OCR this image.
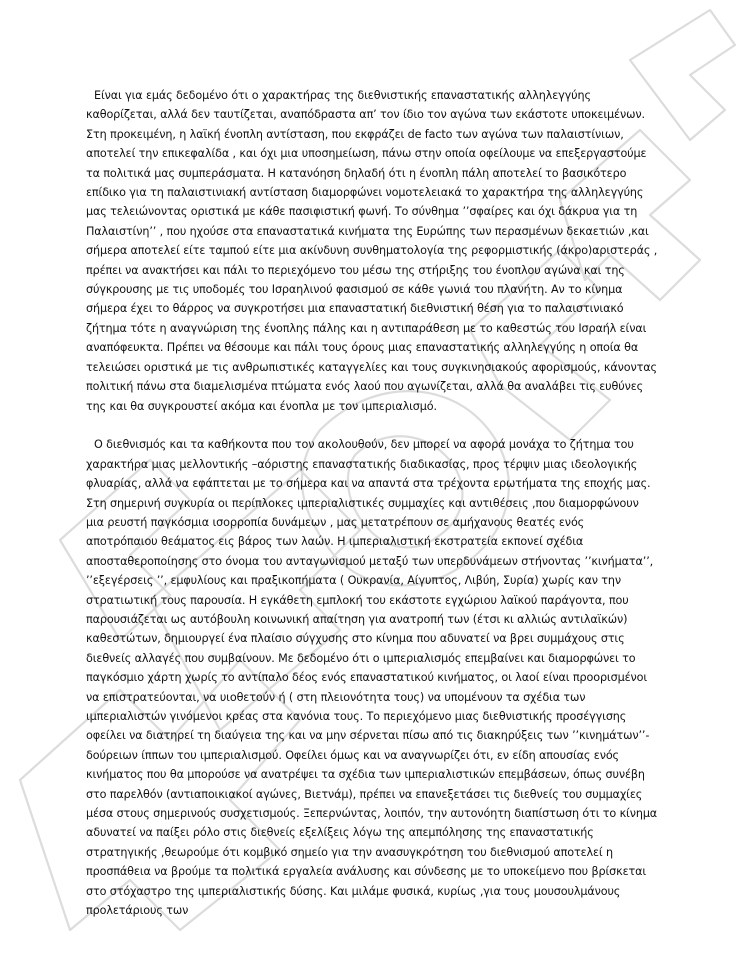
Είναι για εμάς δεδομένο ότι ο χαρακτήρας της διεθνιστικής επαναστατικής αλληλεγγύης καθορίζεται, αλλά δεν ταυτίζεται, αναπόδραστα απ’ τον ίδιο τον αγώνα των εκάστοτε υποκειμένων. Στη προκειμένη, η λαϊκή ένοπλη αντίσταση, που εκφράζει de facto των αγώνα των παλαιστίνιων, αποτελεί την επικεφαλίδα , και όχι μια υποσημείωση, πάνω στην οποία οφείλουμε να επεξεργαστούμε τα πολιτικά μας συμπεράσματα. Η κατανόηση δηλαδή ότι η ένοπλη πάλη αποτελεί το βασικότερο επίδικο για τη παλαιστινιακή αντίσταση διαμορφώνει νομοτελειακά το χαρακτήρα της αλληλεγγύης μας τελειώνοντας οριστικά με κάθε πασιφιστική φωνή. Το σύνθημα ’’σφαίρες και όχι δάκρυα για τη Παλαιστίνη’’ , που ηχούσε στα επαναστατικά κινήματα της Ευρώπης των περασμένων δεκαετιών ,και σήμερα αποτελεί είτε ταμπού είτε μια ακίνδυνη συνθηματολογία της ρεφορμιστικής (άκρο)αριστεράς , πρέπει να ανακτήσει και πάλι το περιεχόμενο του μέσω της στήριξης του ένοπλου αγώνα και της σύγκρουσης με τις υποδομές του Ισραηλινού φασισμού σε κάθε γωνιά του πλανήτη. Αν το κίνημα σήμερα έχει το θάρρος να συγκροτήσει μια επαναστατική διεθνιστική θέση για το παλαιστινιακό ζήτημα τότε η αναγνώριση της ένοπλης πάλης και η αντιπαράθεση με το καθεστώς του Ισραήλ είναι αναπόφευκτα. Πρέπει να θέσουμε και πάλι τους όρους μιας επαναστατικής αλληλεγγύης η οποία θα τελειώσει οριστικά με τις ανθρωπιστικές καταγγελίες και τους συγκινησιακούς αφορισμούς, κάνοντας πολιτική πάνω στα διαμελισμένα πτώματα ενός λαού που αγωνίζεται, αλλά θα αναλάβει τις ευθύνες της και θα συγκρουστεί ακόμα και ένοπλα με τον ιμπεριαλισμό.

Ο διεθνισμός και τα καθήκοντα που τον ακολουθούν, δεν μπορεί να αφορά μονάχα το ζήτημα του χαρακτήρα μιας μελλοντικής –αόριστης επαναστατικής διαδικασίας, προς τέρψιν μιας ιδεολογικής φλυαρίας, αλλά να εφάπτεται με το σήμερα και να απαντά στα τρέχοντα ερωτήματα της εποχής μας. Στη σημερινή συγκυρία οι περίπλοκες ιμπεριαλιστικές συμμαχίες και αντιθέσεις ,που διαμορφώνουν μια ρευστή παγκόσμια ισορροπία δυνάμεων , μας μετατρέπουν σε αμήχανους θεατές ενός αποτρόπαιου θεάματος εις βάρος των λαών. Η ιμπεριαλιστική εκστρατεία εκπονεί σχέδια αποσταθεροποίησης στο όνομα του ανταγωνισμού μεταξύ των υπερδυνάμεων στήνοντας ’’κινήματα’’, ’’εξεγέρσεις ’’, εμφυλίους και πραξικοπήματα ( Ουκρανία, Αίγυπτος, Λιβύη, Συρία) χωρίς καν την στρατιωτική τους παρουσία. Η εγκάθετη εμπλοκή του εκάστοτε εγχώριου λαϊκού παράγοντα, που παρουσιάζεται ως αυτόβουλη κοινωνική απαίτηση για ανατροπή των (έτσι κι αλλιώς αντιλαϊκών) καθεστώτων, δημιουργεί ένα πλαίσιο σύγχυσης στο κίνημα που αδυνατεί να βρει συμμάχους στις διεθνείς αλλαγές που συμβαίνουν. Με δεδομένο ότι ο ιμπεριαλισμός επεμβαίνει και διαμορφώνει το παγκόσμιο χάρτη χωρίς το αντίπαλο δέος ενός επαναστατικού κινήματος, οι λαοί είναι προορισμένοι να επιστρατεύονται, να υιοθετούν ή ( στη πλειονότητα τους) να υπομένουν τα σχέδια των ιμπεριαλιστών γινόμενοι κρέας στα κανόνια τους. Το περιεχόμενο μιας διεθνιστικής προσέγγισης οφείλει να διατηρεί τη διαύγεια της και να μην σέρνεται πίσω από τις διακηρύξεις των ’’κινημάτων’’-δούρειων ίππων του ιμπεριαλισμού. Οφείλει όμως και να αναγνωρίζει ότι, εν είδη απουσίας ενός κινήματος που θα μπορούσε να ανατρέψει τα σχέδια των ιμπεριαλιστικών επεμβάσεων, όπως συνέβη στο παρελθόν (αντιαποικιακοί αγώνες, Βιετνάμ), πρέπει να επανεξετάσει τις διεθνείς του συμμαχίες μέσα στους σημερινούς συσχετισμούς. Ξεπερνώντας, λοιπόν, την αυτονόητη διαπίστωση ότι το κίνημα αδυνατεί να παίξει ρόλο στις διεθνείς εξελίξεις λόγω της απεμπόλησης της επαναστατικής στρατηγικής ,θεωρούμε ότι κομβικό σημείο για την ανασυγκρότηση του διεθνισμού αποτελεί η προσπάθεια να βρούμε τα πολιτικά εργαλεία ανάλυσης και σύνδεσης με το υποκείμενο που βρίσκεται στο στόχαστρο της ιμπεριαλιστικής δύσης. Και μιλάμε φυσικά, κυρίως ,για τους μουσουλμάνους προλετάριους των
